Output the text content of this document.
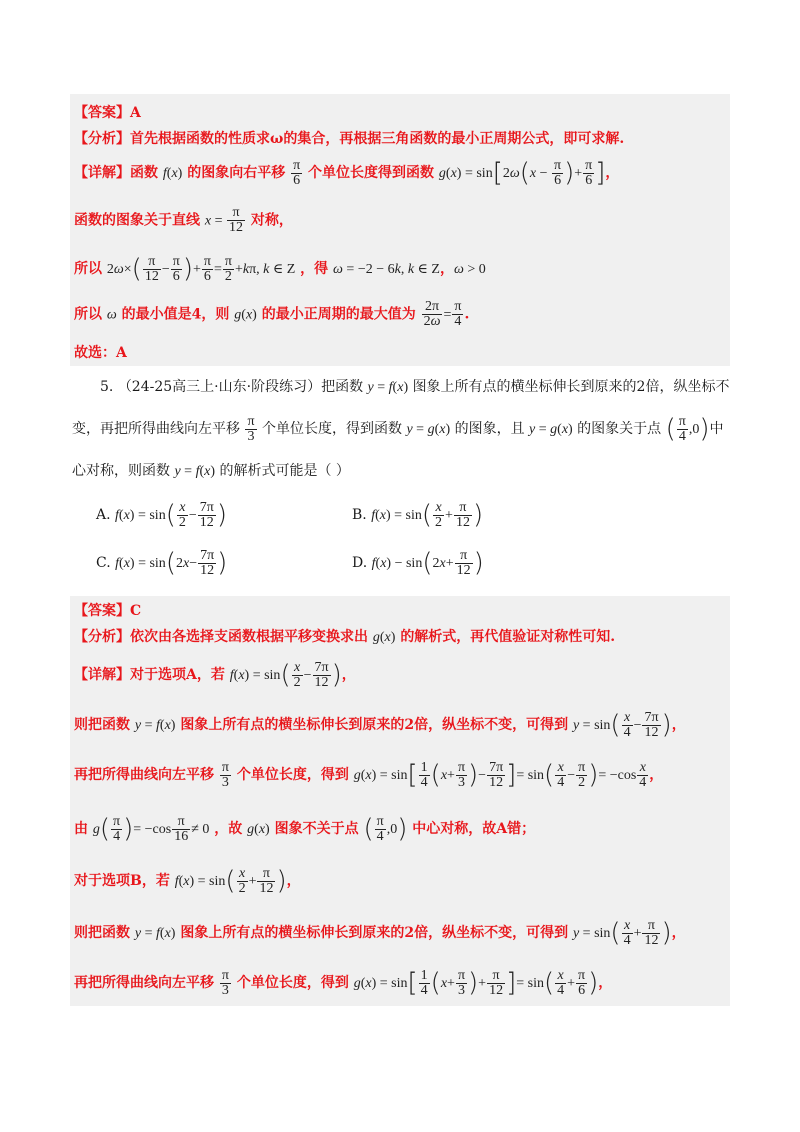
【答案】A
【分析】首先根据函数的性质求ω的集合，再根据三角函数的最小正周期公式，即可求解.
【详解】函数 f(x) 的图象向右平移 $\frac{\pi}{6}$ 个单位长度得到函数 $g(x) = \sin[2\omega(x - \frac{\pi}{6}$ )+ $\frac{\pi}{6}$ ]，
函数的图象关于直线 $x = \frac{\pi}{12}$ 对称，
所以 $2\omega\times( \frac{\pi}{12} - \frac{\pi}{6}$ )+ $\frac{\pi}{6} = \frac{\pi}{2} +k\pi$, k ∈ Z ，得 ω = −2 − 6k, k ∈ Z，ω > 0
所以 ω 的最小值是4，则 g(x) 的最小正周期的最大值为 $\frac{2\pi}{2\omega} = \frac{\pi}{4}$ .
故选：A
5. （24-25高三上·山东·阶段练习）把函数 y = f(x) 图象上所有点的横坐标伸长到原来的2倍，纵坐标不
变，再把所得曲线向左平移 $\frac{\pi}{3}$ 个单位长度，得到函数 y = g(x) 的图象，且 y = g(x) 的图象关于点 ( $\frac{\pi}{4} ,0$)中
心对称，则函数 y = f(x) 的解析式可能是（ ）
A. $f(x) = \sin( \frac{x}{2} - \frac{7\pi}{12}$ )	B. $f(x) = \sin( \frac{x}{2} + \frac{\pi}{12}$ )
C. $f(x) = \sin(2x- \frac{7\pi}{12}$ )	D. $f(x) - \sin(2x+ \frac{\pi}{12}$ )
【答案】C
【分析】依次由各选择支函数根据平移变换求出 g(x) 的解析式，再代值验证对称性可知.
【详解】对于选项A，若 $f(x) = \sin( \frac{x}{2} - \frac{7\pi}{12}$ )，
则把函数 y = f(x) 图象上所有点的横坐标伸长到原来的2倍，纵坐标不变，可得到 $y = \sin( \frac{x}{4} - \frac{7\pi}{12}$ )，
再把所得曲线向左平移 $\frac{\pi}{3}$ 个单位长度，得到 $g(x) = \sin[ \frac{1}{4} (x+ \frac{\pi}{3}$ )− $\frac{7\pi}{12}$ ]= $\sin( \frac{x}{4} - \frac{\pi}{2}$ )= $-\cos \frac{x}{4}$ ，
由 $g( \frac{\pi}{4}$ )= $-\cos \frac{\pi}{16} \ne 0$ ，故 g(x) 图象不关于点 ( $\frac{\pi}{4} ,0$) 中心对称，故A错；
对于选项B，若 $f(x) = \sin( \frac{x}{2} + \frac{\pi}{12}$ )，
则把函数 y = f(x) 图象上所有点的横坐标伸长到原来的2倍，纵坐标不变，可得到 $y = \sin( \frac{x}{4} + \frac{\pi}{12}$ )，
再把所得曲线向左平移 $\frac{\pi}{3}$ 个单位长度，得到 $g(x) = \sin[ \frac{1}{4} (x+ \frac{\pi}{3}$ )+ $\frac{\pi}{12}$ ]= $\sin( \frac{x}{4} + \frac{\pi}{6}$ )，
